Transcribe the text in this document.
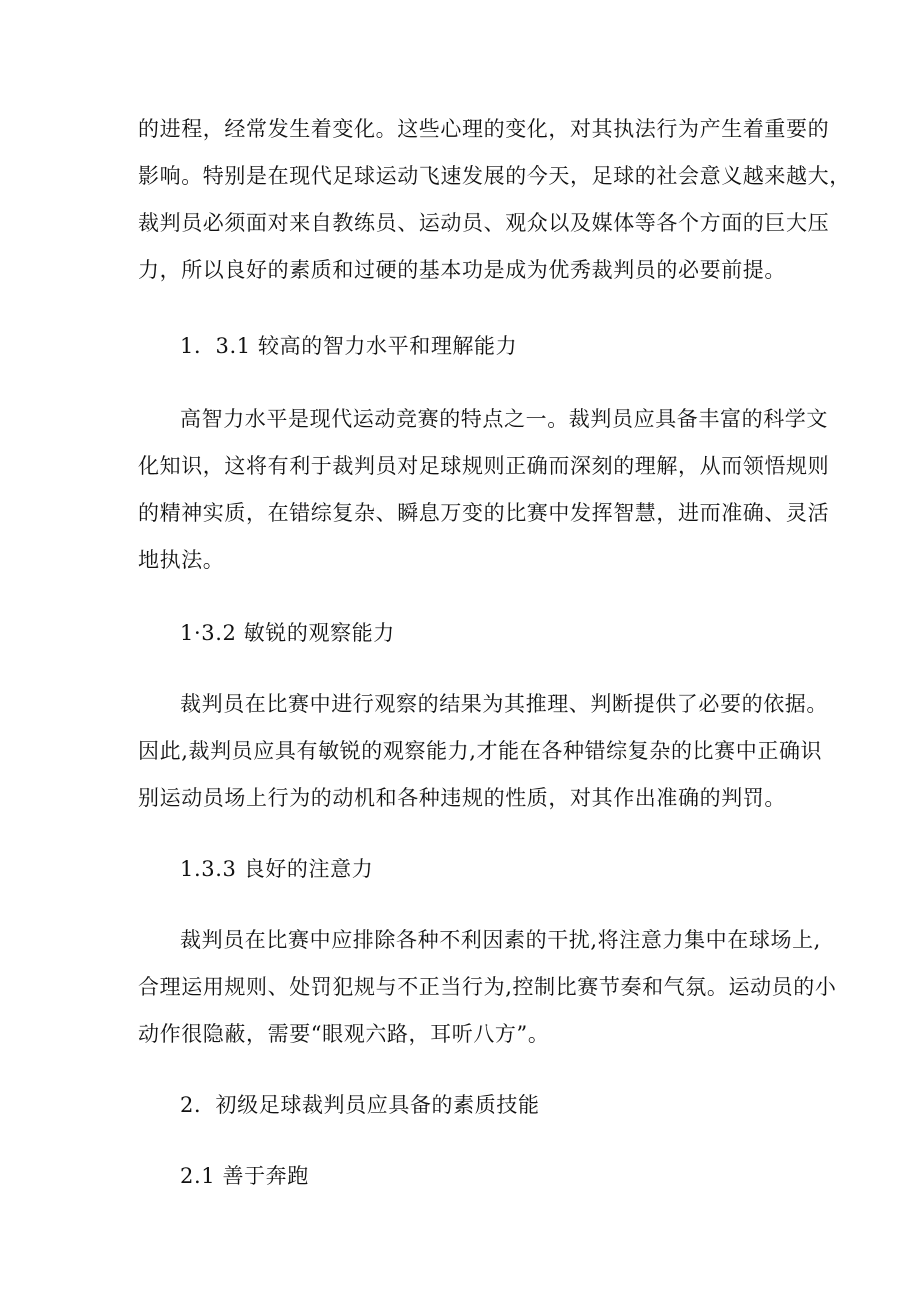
的进程，经常发生着变化。这些心理的变化，对其执法行为产生着重要的
影响。特别是在现代足球运动飞速发展的今天，足球的社会意义越来越大，
裁判员必须面对来自教练员、运动员、观众以及媒体等各个方面的巨大压
力，所以良好的素质和过硬的基本功是成为优秀裁判员的必要前提。
1．3.1 较高的智力水平和理解能力
高智力水平是现代运动竞赛的特点之一。裁判员应具备丰富的科学文
化知识，这将有利于裁判员对足球规则正确而深刻的理解，从而领悟规则
的精神实质，在错综复杂、瞬息万变的比赛中发挥智慧，进而准确、灵活
地执法。
1·3.2 敏锐的观察能力
裁判员在比赛中进行观察的结果为其推理、判断提供了必要的依据。
因此,裁判员应具有敏锐的观察能力,才能在各种错综复杂的比赛中正确识
别运动员场上行为的动机和各种违规的性质，对其作出准确的判罚。
1.3.3 良好的注意力
裁判员在比赛中应排除各种不利因素的干扰,将注意力集中在球场上,
合理运用规则、处罚犯规与不正当行为,控制比赛节奏和气氛。运动员的小
动作很隐蔽，需要“眼观六路，耳听八方”。
2．初级足球裁判员应具备的素质技能
2.1 善于奔跑
